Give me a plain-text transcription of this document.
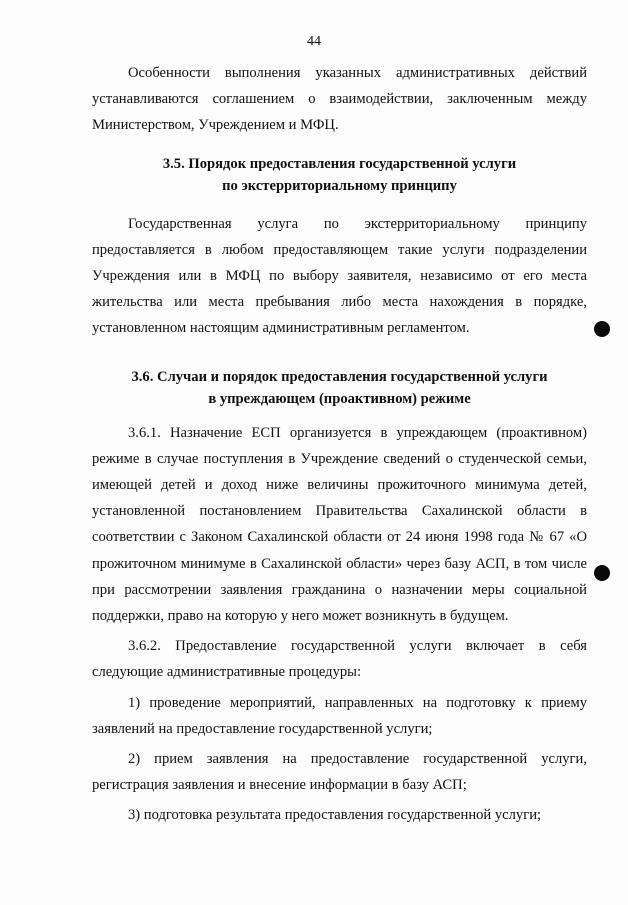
44

Особенности выполнения указанных административных действий устанавливаются соглашением о взаимодействии, заключенным между Министерством, Учреждением и МФЦ.

3.5. Порядок предоставления государственной услуги
по экстерриториальному принципу

Государственная услуга по экстерриториальному принципу предоставляется в любом предоставляющем такие услуги подразделении Учреждения или в МФЦ по выбору заявителя, независимо от его места жительства или места пребывания либо места нахождения в порядке, установленном настоящим административным регламентом.

3.6. Случаи и порядок предоставления государственной услуги
в упреждающем (проактивном) режиме

3.6.1. Назначение ЕСП организуется в упреждающем (проактивном) режиме в случае поступления в Учреждение сведений о студенческой семьи, имеющей детей и доход ниже величины прожиточного минимума детей, установленной постановлением Правительства Сахалинской области в соответствии с Законом Сахалинской области от 24 июня 1998 года № 67 «О прожиточном минимуме в Сахалинской области» через базу АСП, в том числе при рассмотрении заявления гражданина о назначении меры социальной поддержки, право на которую у него может возникнуть в будущем.

3.6.2. Предоставление государственной услуги включает в себя следующие административные процедуры:

1) проведение мероприятий, направленных на подготовку к приему заявлений на предоставление государственной услуги;

2) прием заявления на предоставление государственной услуги, регистрация заявления и внесение информации в базу АСП;

3) подготовка результата предоставления государственной услуги;
